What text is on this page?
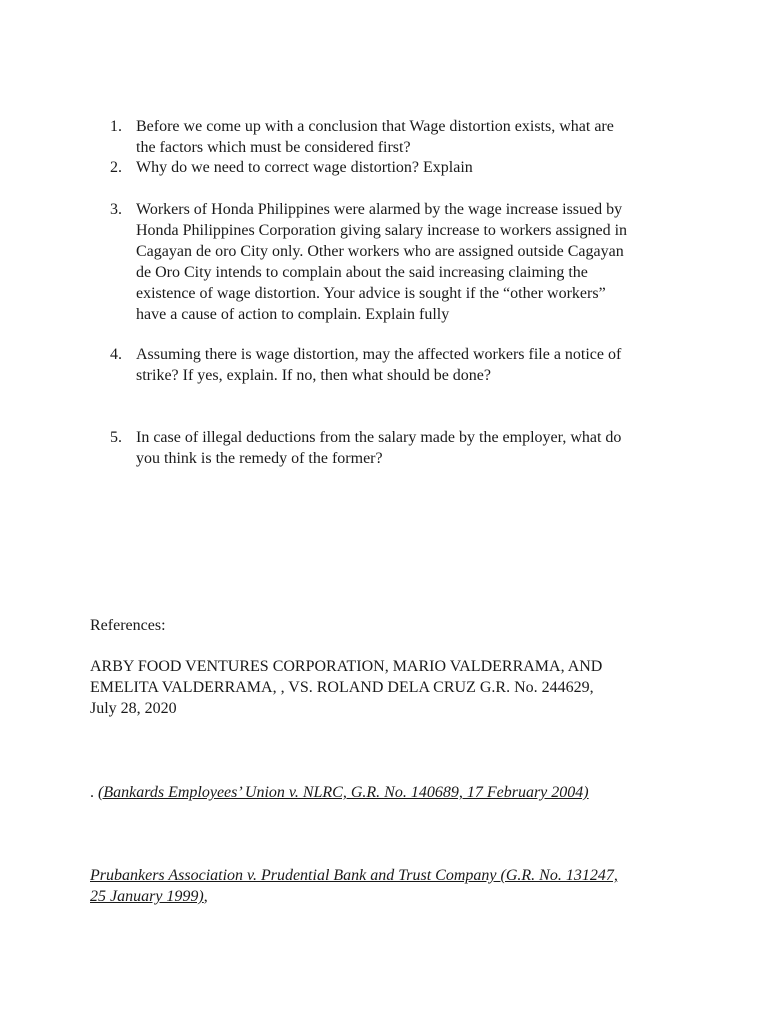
1. Before we come up with a conclusion that Wage distortion exists, what are
the factors which must be considered first?
2. Why do we need to correct wage distortion? Explain
3. Workers of Honda Philippines were alarmed by the wage increase issued by
Honda Philippines Corporation giving salary increase to workers assigned in
Cagayan de oro City only. Other workers who are assigned outside Cagayan
de Oro City intends to complain about the said increasing claiming the
existence of wage distortion. Your advice is sought if the “other workers”
have a cause of action to complain. Explain fully
4. Assuming there is wage distortion, may the affected workers file a notice of
strike? If yes, explain. If no, then what should be done?
5. In case of illegal deductions from the salary made by the employer, what do
you think is the remedy of the former?
References:
ARBY FOOD VENTURES CORPORATION, MARIO VALDERRAMA, AND
EMELITA VALDERRAMA, , VS. ROLAND DELA CRUZ G.R. No. 244629,
July 28, 2020

. (Bankards Employees’ Union v. NLRC, G.R. No. 140689, 17 February 2004)

Prubankers Association v. Prudential Bank and Trust Company (G.R. No. 131247,
25 January 1999),
